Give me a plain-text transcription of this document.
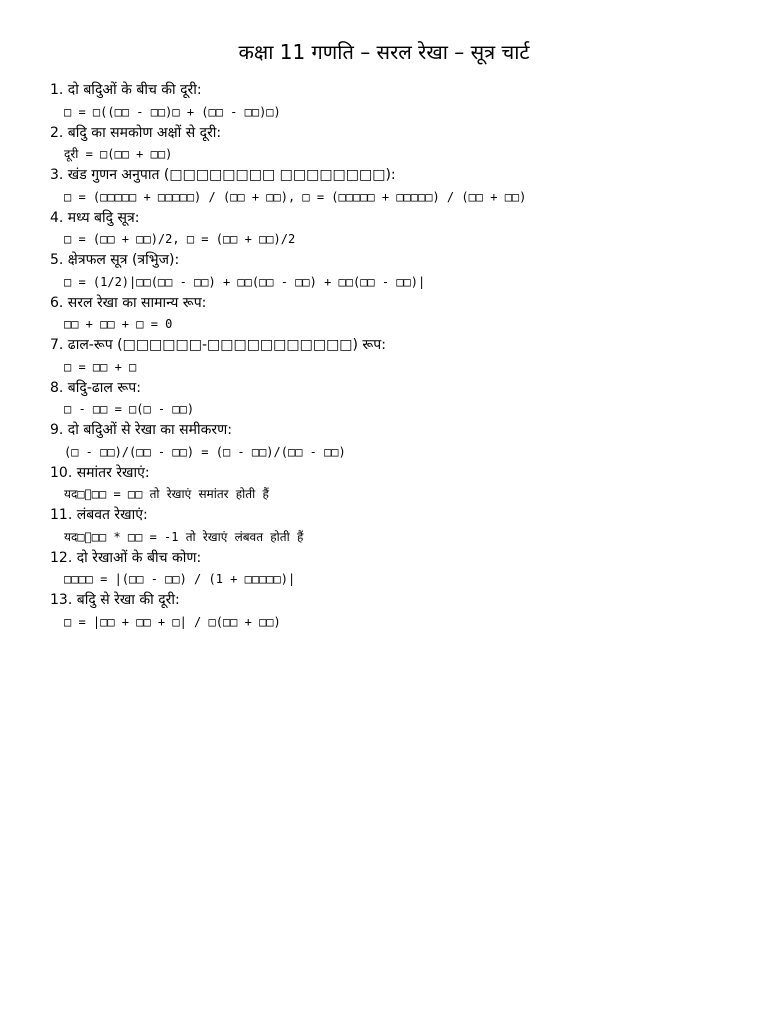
कक्षा 11 गणति – सरल रेखा – सूत्र चार्ट
1. दो बदिुओं के बीच की दूरी:
□ = □((□□ - □□)□ + (□□ - □□)□)
2. बदिु का समकोण अक्षों से दूरी:
दूरी = □(□□ + □□)
3. खंड गुणन अनुपात (□□□□□□□□ □□□□□□□□):
□ = (□□□□□ + □□□□□) / (□□ + □□), □ = (□□□□□ + □□□□□) / (□□ + □□)
4. मध्य बदिु सूत्र:
□ = (□□ + □□)/2, □ = (□□ + □□)/2
5. क्षेत्रफल सूत्र (त्रभिुज):
□ = (1/2)|□□(□□ - □□) + □□(□□ - □□) + □□(□□ - □□)|
6. सरल रेखा का सामान्य रूप:
□□ + □□ + □ = 0
7. ढाल-रूप (□□□□□□-□□□□□□□□□□□) रूप:
□ = □□ + □
8. बदिु-ढाल रूप:
□ - □□ = □(□ - □□)
9. दो बदिुओं से रेखा का समीकरण:
(□ - □□)/(□□ - □□) = (□ - □□)/(□□ - □□)
10. समांतर रेखाएं:
यद□ि□□ = □□ तो रेखाएं समांतर होती हैं
11. लंबवत रेखाएं:
यद□ि□□ * □□ = -1 तो रेखाएं लंबवत होती हैं
12. दो रेखाओं के बीच कोण:
□□□□ = |(□□ - □□) / (1 + □□□□□)|
13. बदिु से रेखा की दूरी:
□ = |□□ + □□ + □| / □(□□ + □□)
